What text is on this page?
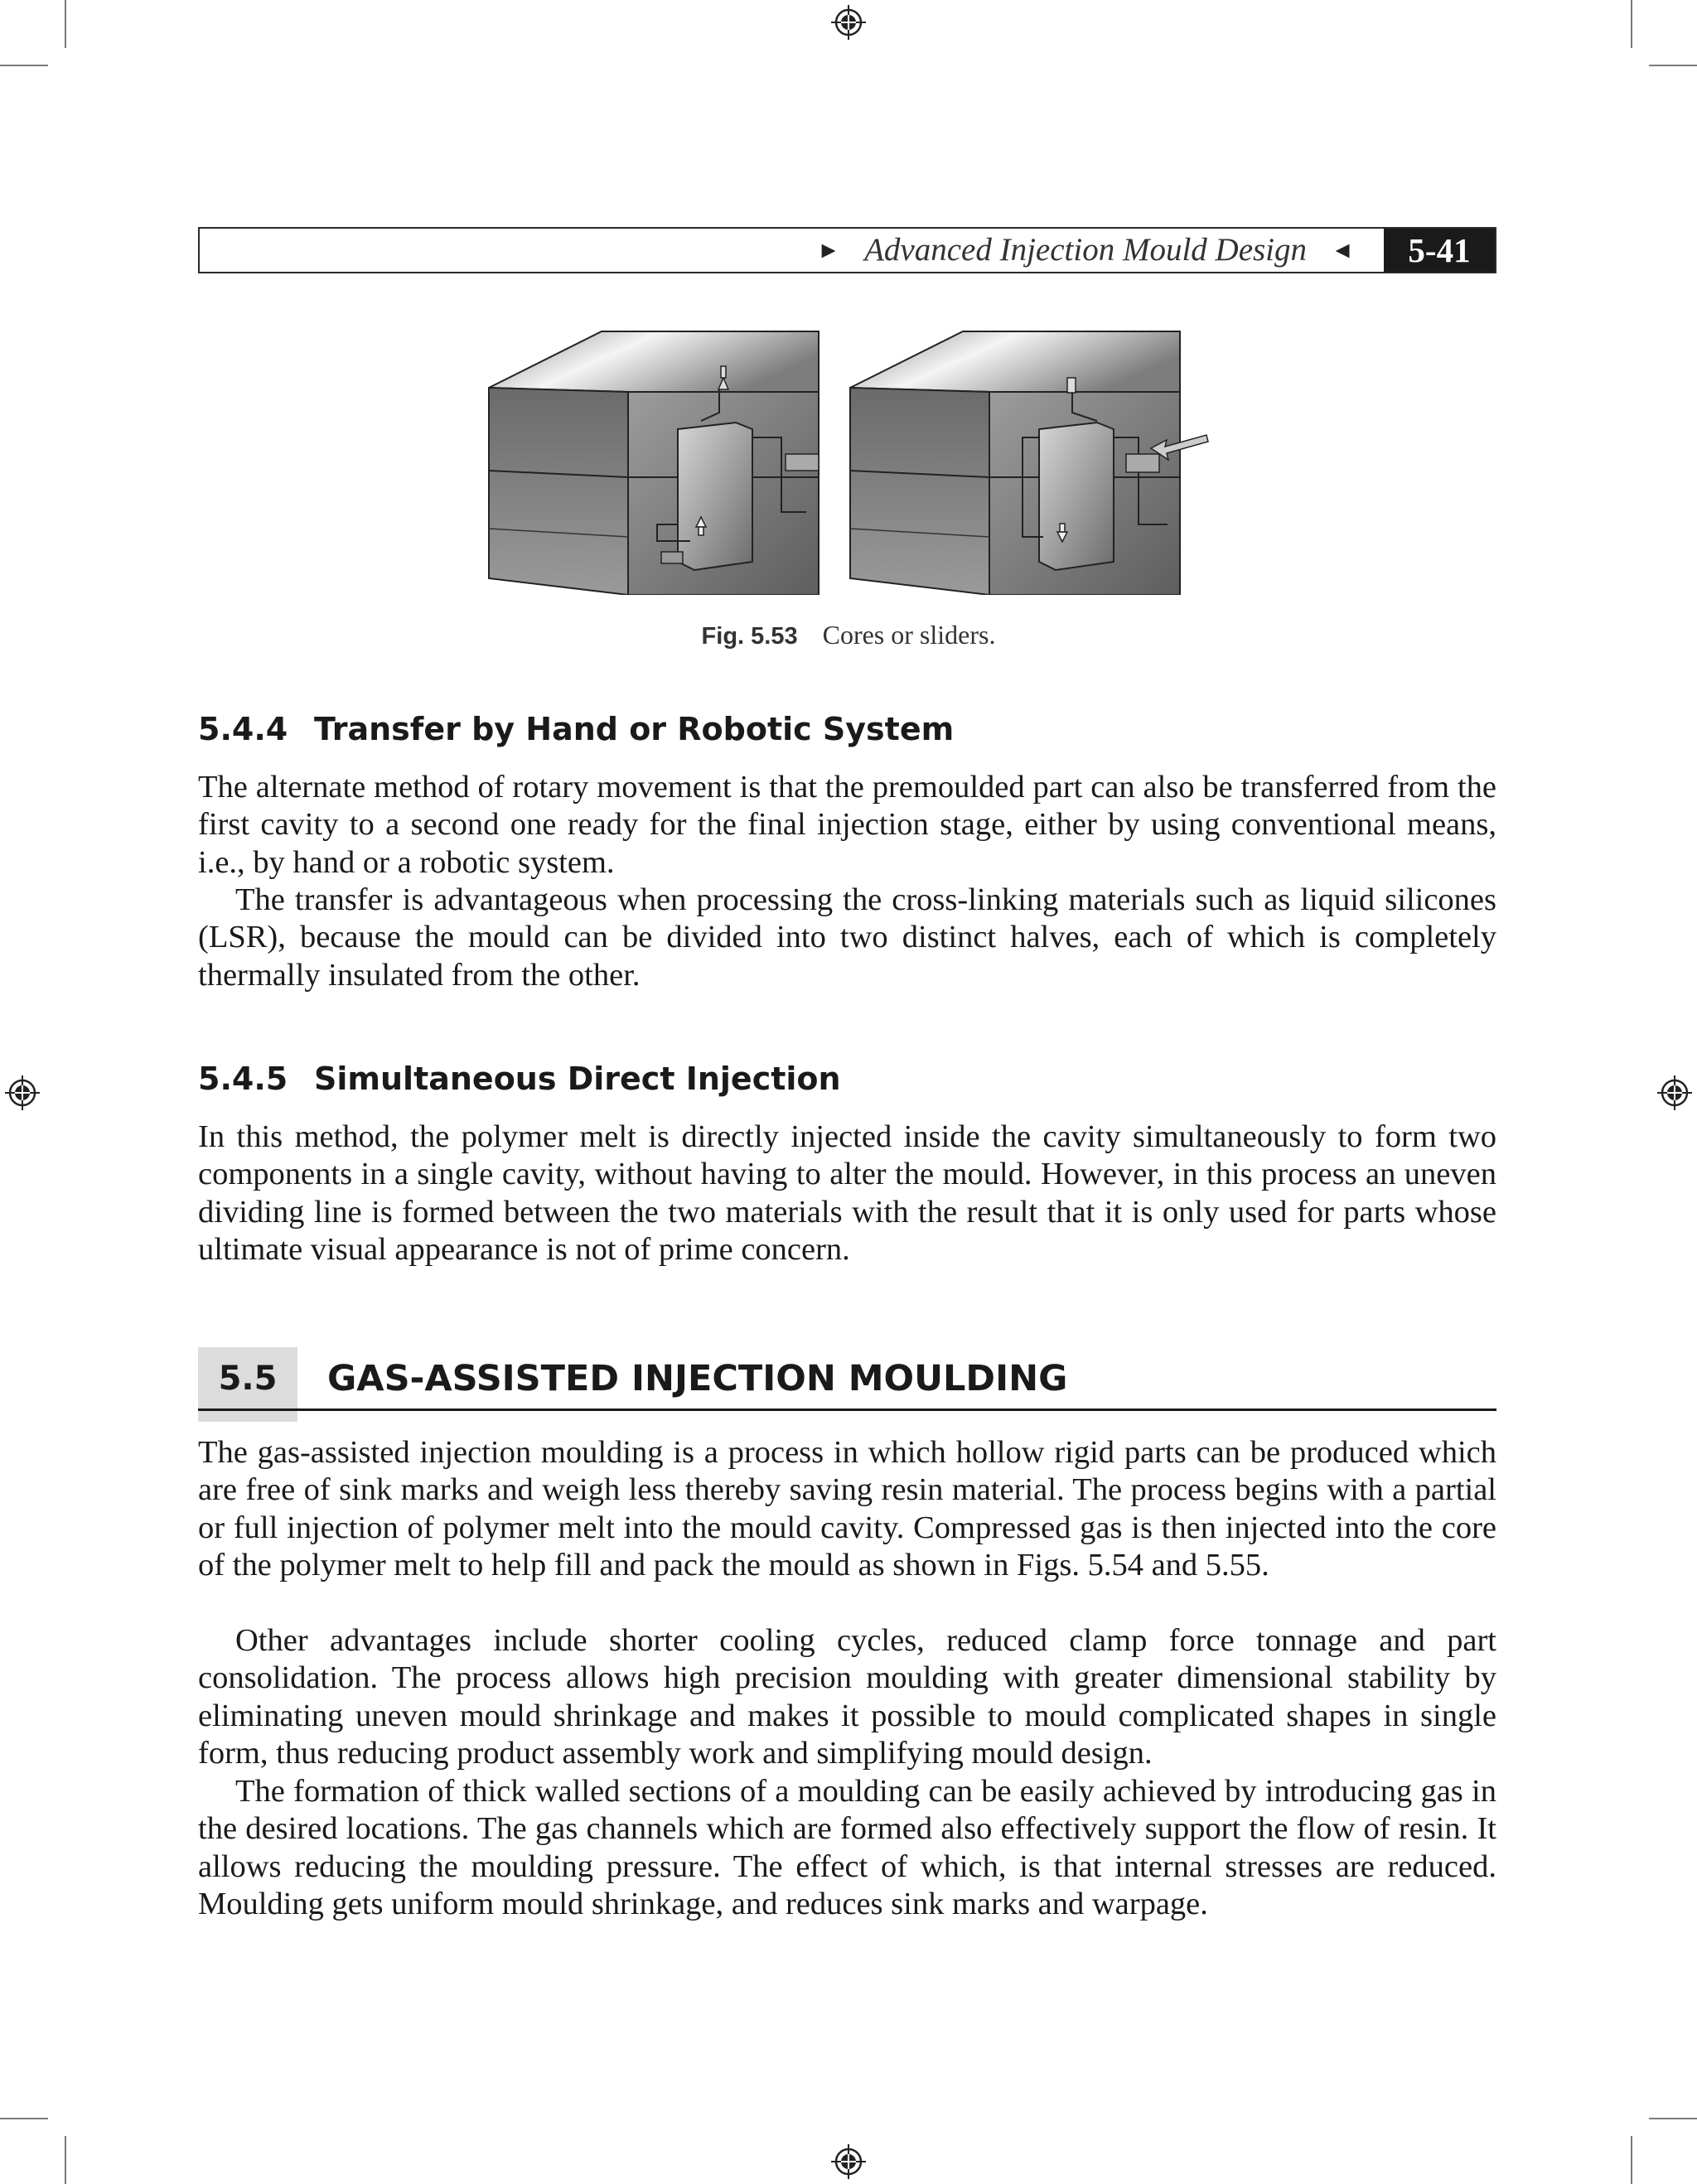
► Advanced Injection Mould Design ◄	5-41
Fig. 5.53 Cores or sliders.
5.4.4 Transfer by Hand or Robotic System

The alternate method of rotary movement is that the premoulded part can also be transferred from the first cavity to a second one ready for the final injection stage, either by using conventional means, i.e., by hand or a robotic system.

The transfer is advantageous when processing the cross-linking materials such as liquid silicones (LSR), because the mould can be divided into two distinct halves, each of which is completely thermally insulated from the other.

5.4.5 Simultaneous Direct Injection

In this method, the polymer melt is directly injected inside the cavity simultaneously to form two components in a single cavity, without having to alter the mould. However, in this process an uneven dividing line is formed between the two materials with the result that it is only used for parts whose ultimate visual appearance is not of prime concern.

5.5	GAS-ASSISTED INJECTION MOULDING

The gas-assisted injection moulding is a process in which hollow rigid parts can be produced which are free of sink marks and weigh less thereby saving resin material. The process begins with a partial or full injection of polymer melt into the mould cavity. Compressed gas is then injected into the core of the polymer melt to help fill and pack the mould as shown in Figs. 5.54 and 5.55.

Other advantages include shorter cooling cycles, reduced clamp force tonnage and part consolidation. The process allows high precision moulding with greater dimensional stability by eliminating uneven mould shrinkage and makes it possible to mould complicated shapes in single form, thus reducing product assembly work and simplifying mould design.

The formation of thick walled sections of a moulding can be easily achieved by introducing gas in the desired locations. The gas channels which are formed also effectively support the flow of resin. It allows reducing the moulding pressure. The effect of which, is that internal stresses are reduced. Moulding gets uniform mould shrinkage, and reduces sink marks and warpage.
